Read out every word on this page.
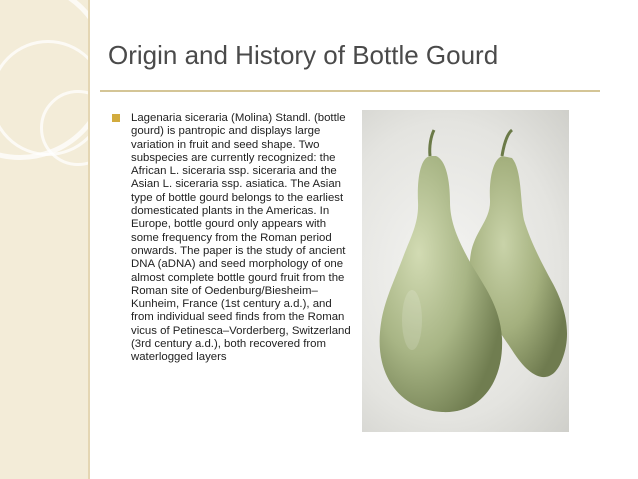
Origin and History of Bottle Gourd
Lagenaria siceraria (Molina) Standl. (bottle gourd) is pantropic and displays large variation in fruit and seed shape. Two subspecies are currently recognized: the African L. siceraria ssp. siceraria and the Asian L. siceraria ssp. asiatica. The Asian type of bottle gourd belongs to the earliest domesticated plants in the Americas. In Europe, bottle gourd only appears with some frequency from the Roman period onwards. The paper is the study of ancient DNA (aDNA) and seed morphology of one almost complete bottle gourd fruit from the Roman site of Oedenburg/Biesheim–Kunheim, France (1st century a.d.), and from individual seed finds from the Roman vicus of Petinesca–Vorderberg, Switzerland (3rd century a.d.), both recovered from waterlogged layers
